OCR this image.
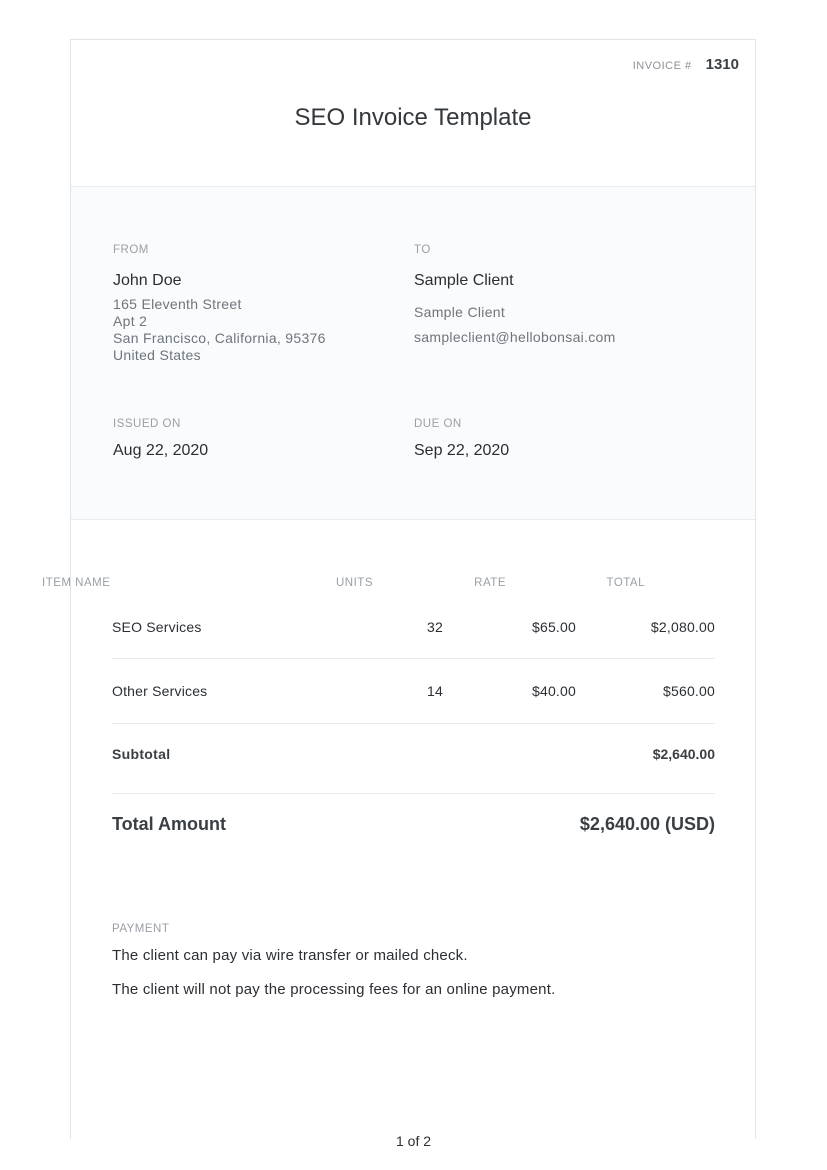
INVOICE # 1310
SEO Invoice Template
FROM
John Doe
165 Eleventh Street
Apt 2
San Francisco, California, 95376
United States
TO
Sample Client
Sample Client
sampleclient@hellobonsai.com
ISSUED ON
Aug 22, 2020
DUE ON
Sep 22, 2020
ITEM NAME	UNITS	RATE	TOTAL
SEO Services	32	$65.00	$2,080.00
Other Services	14	$40.00	$560.00
Subtotal	$2,640.00
Total Amount	$2,640.00 (USD)
PAYMENT
The client can pay via wire transfer or mailed check.
The client will not pay the processing fees for an online payment.
1 of 2
